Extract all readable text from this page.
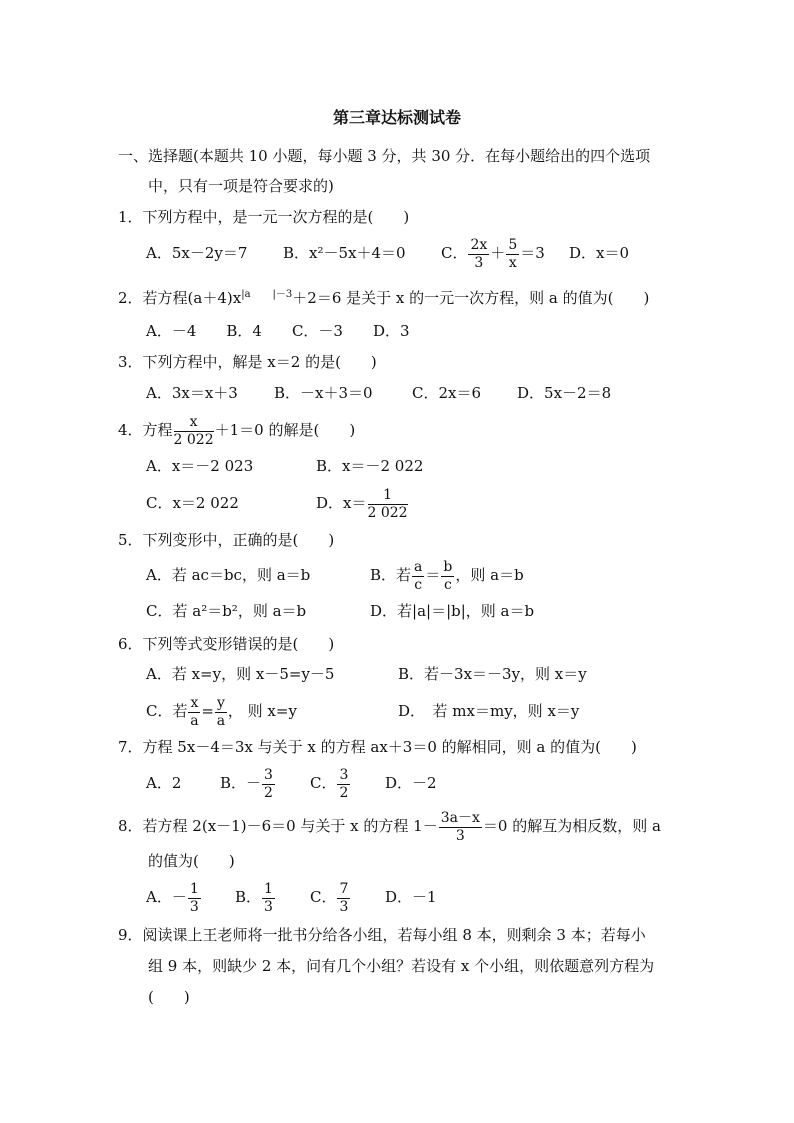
第三章达标测试卷
一、选择题(本题共 10 小题，每小题 3 分，共 30 分．在每小题给出的四个选项
中，只有一项是符合要求的)
1．下列方程中，是一元一次方程的是(　　)
A．5x－2y＝7 B．x²－5x＋4＝0 C． $\frac{2x}{3} + \frac{5}{x} =3$ D．x＝0
2．若方程$(a+4)x^{|a}$ $^{|-3}$＋2＝6 是关于 x 的一元一次方程，则 a 的值为(　　)
A．－4　　B．4　　C．－3　　D．3
3．下列方程中，解是 x＝2 的是(　　)
A．3x＝x＋3 B．－x＋3＝0	C．2x＝6 D．5x－2＝8
4．方程 $\frac{x}{2 022} +1=0$ 的解是(　　)
A．x＝－2 023	B．x＝－2 022
C．x＝2 022	D．$x= \frac{1}{2 022}$
5．下列变形中，正确的是(　　)
A．若 ac＝bc，则 a＝b	B．若 $\frac{a}{c} = \frac{b}{c}$ ，则 a＝b
C．若 a²＝b²，则 a＝b	D．若|a|＝|b|，则 a＝b
6．下列等式变形错误的是(　　)
A．若 x=y，则 x－5=y－5	B．若－3x＝－3y，则 x＝y
C．若 $\frac{x}{a} = \frac{y}{a}$ ， 则 x=y	D．　若 mx＝my，则 x＝y
7．方程 5x－4＝3x 与关于 x 的方程 ax＋3＝0 的解相同，则 a 的值为(　　)
A．2	B．－ $\frac{3}{2}$ C． $\frac{3}{2}$ D．－2
8．若方程 2(x－1)－6＝0 与关于 x 的方程 $1- \frac{3a-x}{3} =0$ 的解互为相反数，则 a
的值为(　　)
A．－ $\frac{1}{3}$ B． $\frac{1}{3}$ C． $\frac{7}{3}$ D．－1
9．阅读课上王老师将一批书分给各小组，若每小组 8 本，则剩余 3 本；若每小
组 9 本，则缺少 2 本，问有几个小组？若设有 x 个小组，则依题意列方程为
(　　)
